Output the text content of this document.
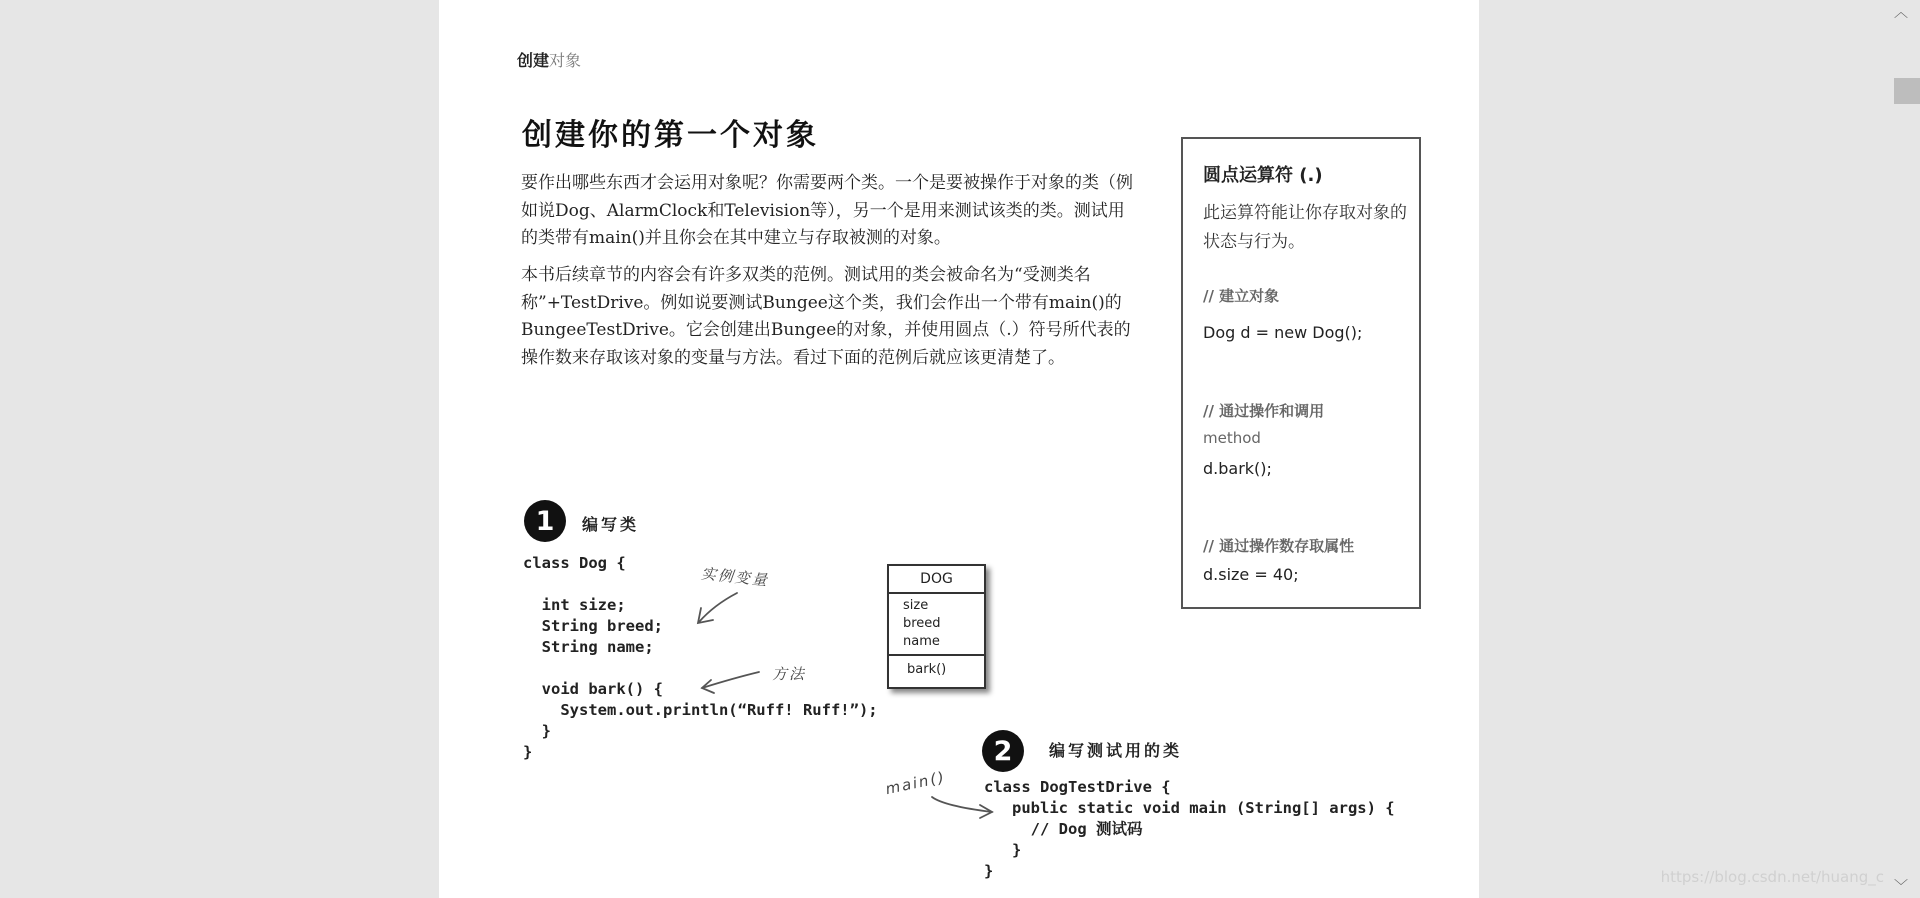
创建对象
创建你的第一个对象

要作出哪些东西才会运用对象呢？你需要两个类。一个是要被操作于对象的类（例如说Dog、AlarmClock和Television等），另一个是用来测试该类的类。测试用的类带有main()并且你会在其中建立与存取被测的对象。

本书后续章节的内容会有许多双类的范例。测试用的类会被命名为“受测类名称”+TestDrive。例如说要测试Bungee这个类，我们会作出一个带有main()的BungeeTestDrive。它会创建出Bungee的对象，并使用圆点（.）符号所代表的操作数来存取该对象的变量与方法。看过下面的范例后就应该更清楚了。

圆点运算符 (.)
此运算符能让你存取对象的状态与行为。
// 建立对象
Dog d = new Dog();
// 通过操作和调用
method
d.bark();
// 通过操作数存取属性
d.size = 40;
1	编写类
class Dog {

int size;
String breed;
String name;

void bark() {
System.out.println(“Ruff! Ruff!”);
}
}
实例变量
方法
DOG
size
breed
name
bark()
2	编写测试用的类
class DogTestDrive {
public static void main (String[] args) {
// Dog 测试码
}
}
main()
︿
﹀
https://blog.csdn.net/huang_c
